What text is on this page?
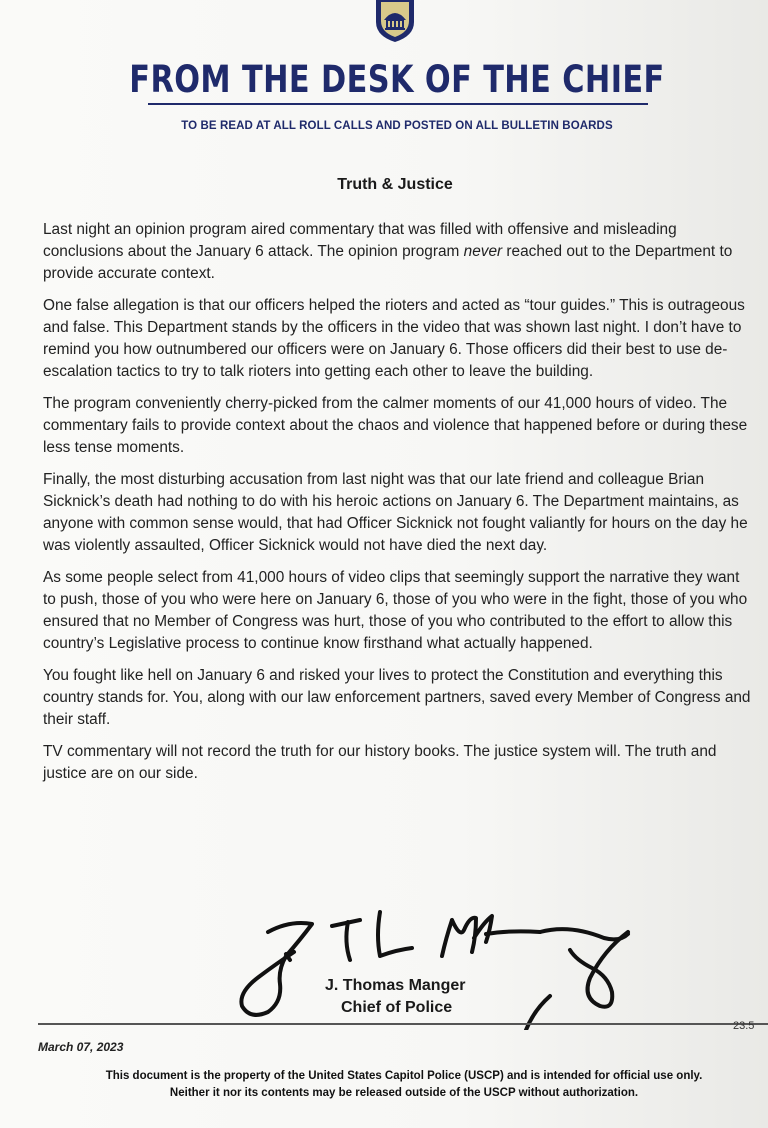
FROM THE DESK OF THE CHIEF
TO BE READ AT ALL ROLL CALLS AND POSTED ON ALL BULLETIN BOARDS
Truth & Justice

Last night an opinion program aired commentary that was filled with offensive and misleading conclusions about the January 6 attack. The opinion program never reached out to the Department to provide accurate context.

One false allegation is that our officers helped the rioters and acted as “tour guides.” This is outrageous and false. This Department stands by the officers in the video that was shown last night. I don’t have to remind you how outnumbered our officers were on January 6. Those officers did their best to use de-escalation tactics to try to talk rioters into getting each other to leave the building.

The program conveniently cherry-picked from the calmer moments of our 41,000 hours of video. The commentary fails to provide context about the chaos and violence that happened before or during these less tense moments.

Finally, the most disturbing accusation from last night was that our late friend and colleague Brian Sicknick’s death had nothing to do with his heroic actions on January 6. The Department maintains, as anyone with common sense would, that had Officer Sicknick not fought valiantly for hours on the day he was violently assaulted, Officer Sicknick would not have died the next day.

As some people select from 41,000 hours of video clips that seemingly support the narrative they want to push, those of you who were here on January 6, those of you who were in the fight, those of you who ensured that no Member of Congress was hurt, those of you who contributed to the effort to allow this country’s Legislative process to continue know firsthand what actually happened.

You fought like hell on January 6 and risked your lives to protect the Constitution and everything this country stands for. You, along with our law enforcement partners, saved every Member of Congress and their staff.

TV commentary will not record the truth for our history books. The justice system will. The truth and justice are on our side.

J. Thomas Manger
Chief of Police
23.5
March 07, 2023
This document is the property of the United States Capitol Police (USCP) and is intended for official use only.
Neither it nor its contents may be released outside of the USCP without authorization.
